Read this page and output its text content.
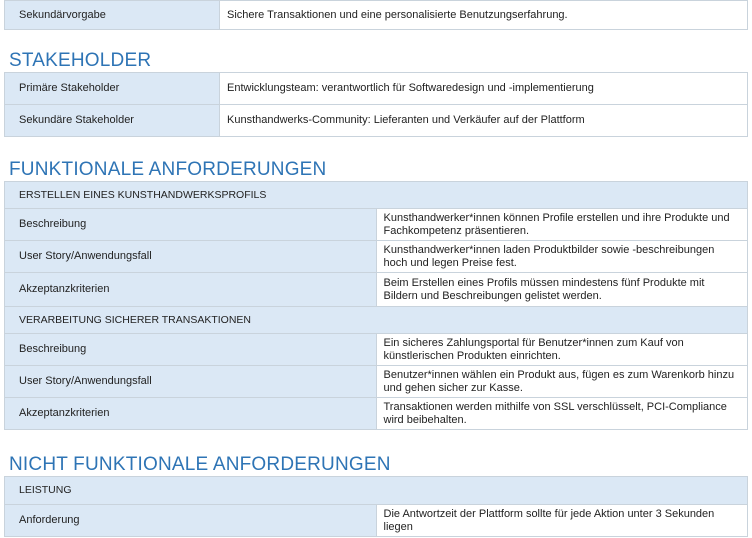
Sekundärvorgabe	Sichere Transaktionen und eine personalisierte Benutzungserfahrung.
STAKEHOLDER
Primäre Stakeholder	Entwicklungsteam: verantwortlich für Softwaredesign und -implementierung
Sekundäre Stakeholder	Kunsthandwerks-Community: Lieferanten und Verkäufer auf der Plattform
FUNKTIONALE ANFORDERUNGEN
ERSTELLEN EINES KUNSTHANDWERKSPROFILS	
Beschreibung	Kunsthandwerker*innen können Profile erstellen und ihre Produkte und Fachkompetenz präsentieren.
User Story/Anwendungsfall	Kunsthandwerker*innen laden Produktbilder sowie -beschreibungen hoch und legen Preise fest.
Akzeptanzkriterien	Beim Erstellen eines Profils müssen mindestens fünf Produkte mit Bildern und Beschreibungen gelistet werden.
VERARBEITUNG SICHERER TRANSAKTIONEN	
Beschreibung	Ein sicheres Zahlungsportal für Benutzer*innen zum Kauf von künstlerischen Produkten einrichten.
User Story/Anwendungsfall	Benutzer*innen wählen ein Produkt aus, fügen es zum Warenkorb hinzu und gehen sicher zur Kasse.
Akzeptanzkriterien	Transaktionen werden mithilfe von SSL verschlüsselt, PCI-Compliance wird beibehalten.
NICHT FUNKTIONALE ANFORDERUNGEN
LEISTUNG
Anforderung	Die Antwortzeit der Plattform sollte für jede Aktion unter 3 Sekunden liegen
